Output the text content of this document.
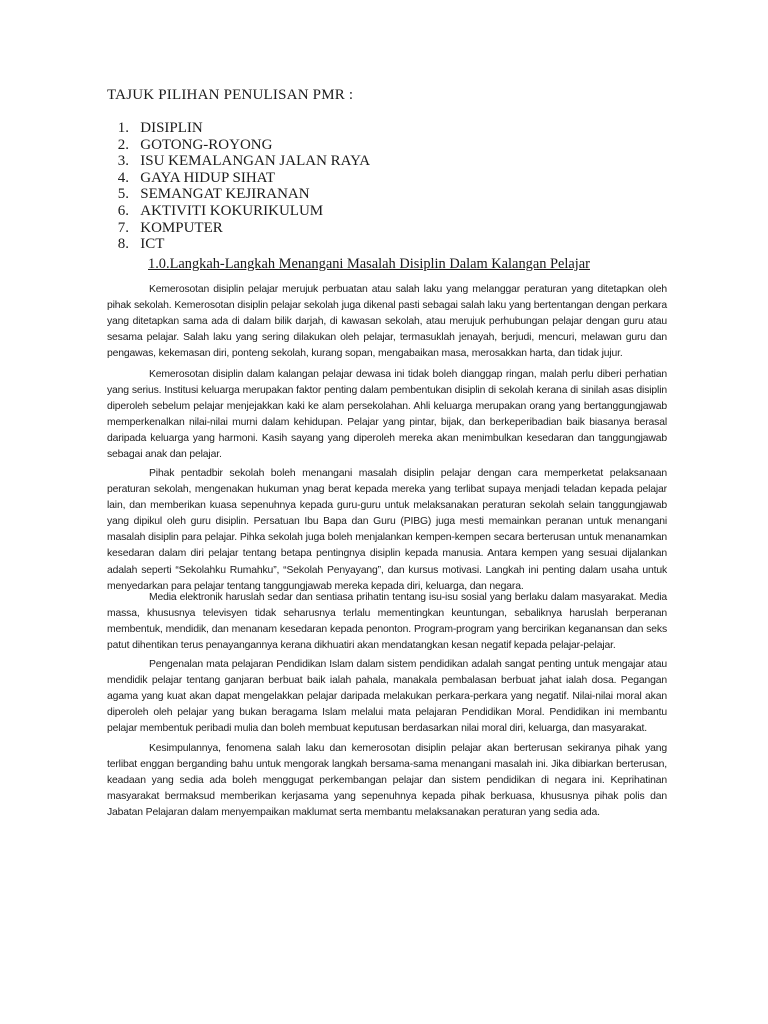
TAJUK PILIHAN PENULISAN PMR :
1. DISIPLIN
2. GOTONG-ROYONG
3. ISU KEMALANGAN JALAN RAYA
4. GAYA HIDUP SIHAT
5. SEMANGAT KEJIRANAN
6. AKTIVITI KOKURIKULUM
7. KOMPUTER
8. ICT
1.0.Langkah-Langkah Menangani Masalah Disiplin Dalam Kalangan Pelajar

Kemerosotan disiplin pelajar merujuk perbuatan atau salah laku yang melanggar peraturan yang ditetapkan oleh pihak sekolah. Kemerosotan disiplin pelajar sekolah juga dikenal pasti sebagai salah laku yang bertentangan dengan perkara yang ditetapkan sama ada di dalam bilik darjah, di kawasan sekolah, atau merujuk perhubungan pelajar dengan guru atau sesama pelajar. Salah laku yang sering dilakukan oleh pelajar, termasuklah jenayah, berjudi, mencuri, melawan guru dan pengawas, kekemasan diri, ponteng sekolah, kurang sopan, mengabaikan masa, merosakkan harta, dan tidak jujur.

Kemerosotan disiplin dalam kalangan pelajar dewasa ini tidak boleh dianggap ringan, malah perlu diberi perhatian yang serius. Institusi keluarga merupakan faktor penting dalam pembentukan disiplin di sekolah kerana di sinilah asas disiplin diperoleh sebelum pelajar menjejakkan kaki ke alam persekolahan. Ahli keluarga merupakan orang yang bertanggungjawab memperkenalkan nilai-nilai murni dalam kehidupan. Pelajar yang pintar, bijak, dan berkeperibadian baik biasanya berasal daripada keluarga yang harmoni. Kasih sayang yang diperoleh mereka akan menimbulkan kesedaran dan tanggungjawab sebagai anak dan pelajar.

Pihak pentadbir sekolah boleh menangani masalah disiplin pelajar dengan cara memperketat pelaksanaan peraturan sekolah, mengenakan hukuman ynag berat kepada mereka yang terlibat supaya menjadi teladan kepada pelajar lain, dan memberikan kuasa sepenuhnya kepada guru-guru untuk melaksanakan peraturan sekolah selain tanggungjawab yang dipikul oleh guru disiplin. Persatuan Ibu Bapa dan Guru (PIBG) juga mesti memainkan peranan untuk menangani masalah disiplin para pelajar. Pihka sekolah juga boleh menjalankan kempen-kempen secara berterusan untuk menanamkan kesedaran dalam diri pelajar tentang betapa pentingnya disiplin kepada manusia. Antara kempen yang sesuai dijalankan adalah seperti “Sekolahku Rumahku”, “Sekolah Penyayang”, dan kursus motivasi. Langkah ini penting dalam usaha untuk menyedarkan para pelajar tentang tanggungjawab mereka kepada diri, keluarga, dan negara.

Media elektronik haruslah sedar dan sentiasa prihatin tentang isu-isu sosial yang berlaku dalam masyarakat. Media massa, khususnya televisyen tidak seharusnya terlalu mementingkan keuntungan, sebaliknya haruslah berperanan membentuk, mendidik, dan menanam kesedaran kepada penonton. Program-program yang bercirikan keganansan dan seks patut dihentikan terus penayangannya kerana dikhuatiri akan mendatangkan kesan negatif kepada pelajar-pelajar.

Pengenalan mata pelajaran Pendidikan Islam dalam sistem pendidikan adalah sangat penting untuk mengajar atau mendidik pelajar tentang ganjaran berbuat baik ialah pahala, manakala pembalasan berbuat jahat ialah dosa. Pegangan agama yang kuat akan dapat mengelakkan pelajar daripada melakukan perkara-perkara yang negatif. Nilai-nilai moral akan diperoleh oleh pelajar yang bukan beragama Islam melalui mata pelajaran Pendidikan Moral. Pendidikan ini membantu pelajar membentuk peribadi mulia dan boleh membuat keputusan berdasarkan nilai moral diri, keluarga, dan masyarakat.

Kesimpulannya, fenomena salah laku dan kemerosotan disiplin pelajar akan berterusan sekiranya pihak yang terlibat enggan berganding bahu untuk mengorak langkah bersama-sama menangani masalah ini. Jika dibiarkan berterusan, keadaan yang sedia ada boleh menggugat perkembangan pelajar dan sistem pendidikan di negara ini. Keprihatinan masyarakat bermaksud memberikan kerjasama yang sepenuhnya kepada pihak berkuasa, khususnya pihak polis dan Jabatan Pelajaran dalam menyempaikan maklumat serta membantu melaksanakan peraturan yang sedia ada.
